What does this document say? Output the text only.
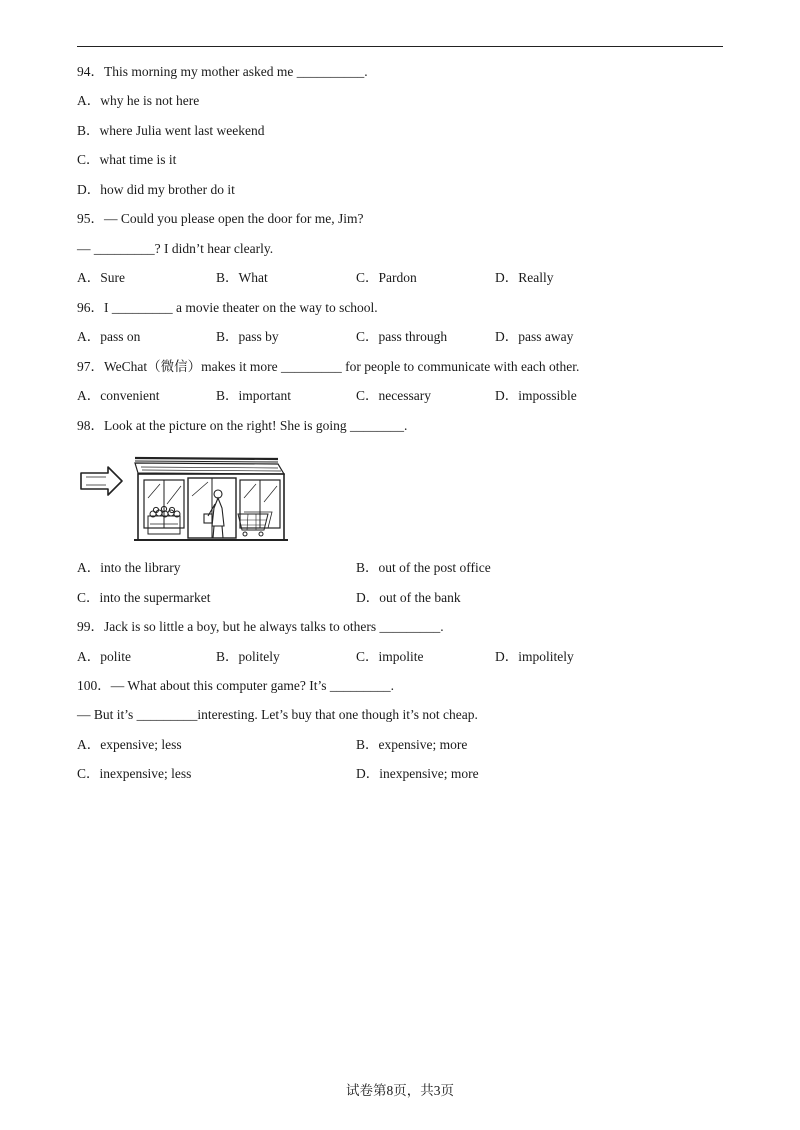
94．This morning my mother asked me __________.
A．why he is not here
B．where Julia went last weekend
C．what time is it
D．how did my brother do it
95．— Could you please open the door for me, Jim?
— _________? I didn’t hear clearly.
A．Sure	B．What	C．Pardon	D．Really
96．I _________ a movie theater on the way to school.
A．pass on	B．pass by	C．pass through	D．pass away
97．WeChat（微信）makes it more _________ for people to communicate with each other.
A．convenient	B．important	C．necessary	D．impossible
98．Look at the picture on the right! She is going ________.
A．into the library	B．out of the post office
C．into the supermarket	D．out of the bank
99．Jack is so little a boy, but he always talks to others _________.
A．polite	B．politely	C．impolite	D．impolitely
100．— What about this computer game? It’s _________.
— But it’s _________interesting. Let’s buy that one though it’s not cheap.
A．expensive; less	B．expensive; more
C．inexpensive; less	D．inexpensive; more
试卷第8页，共3页
